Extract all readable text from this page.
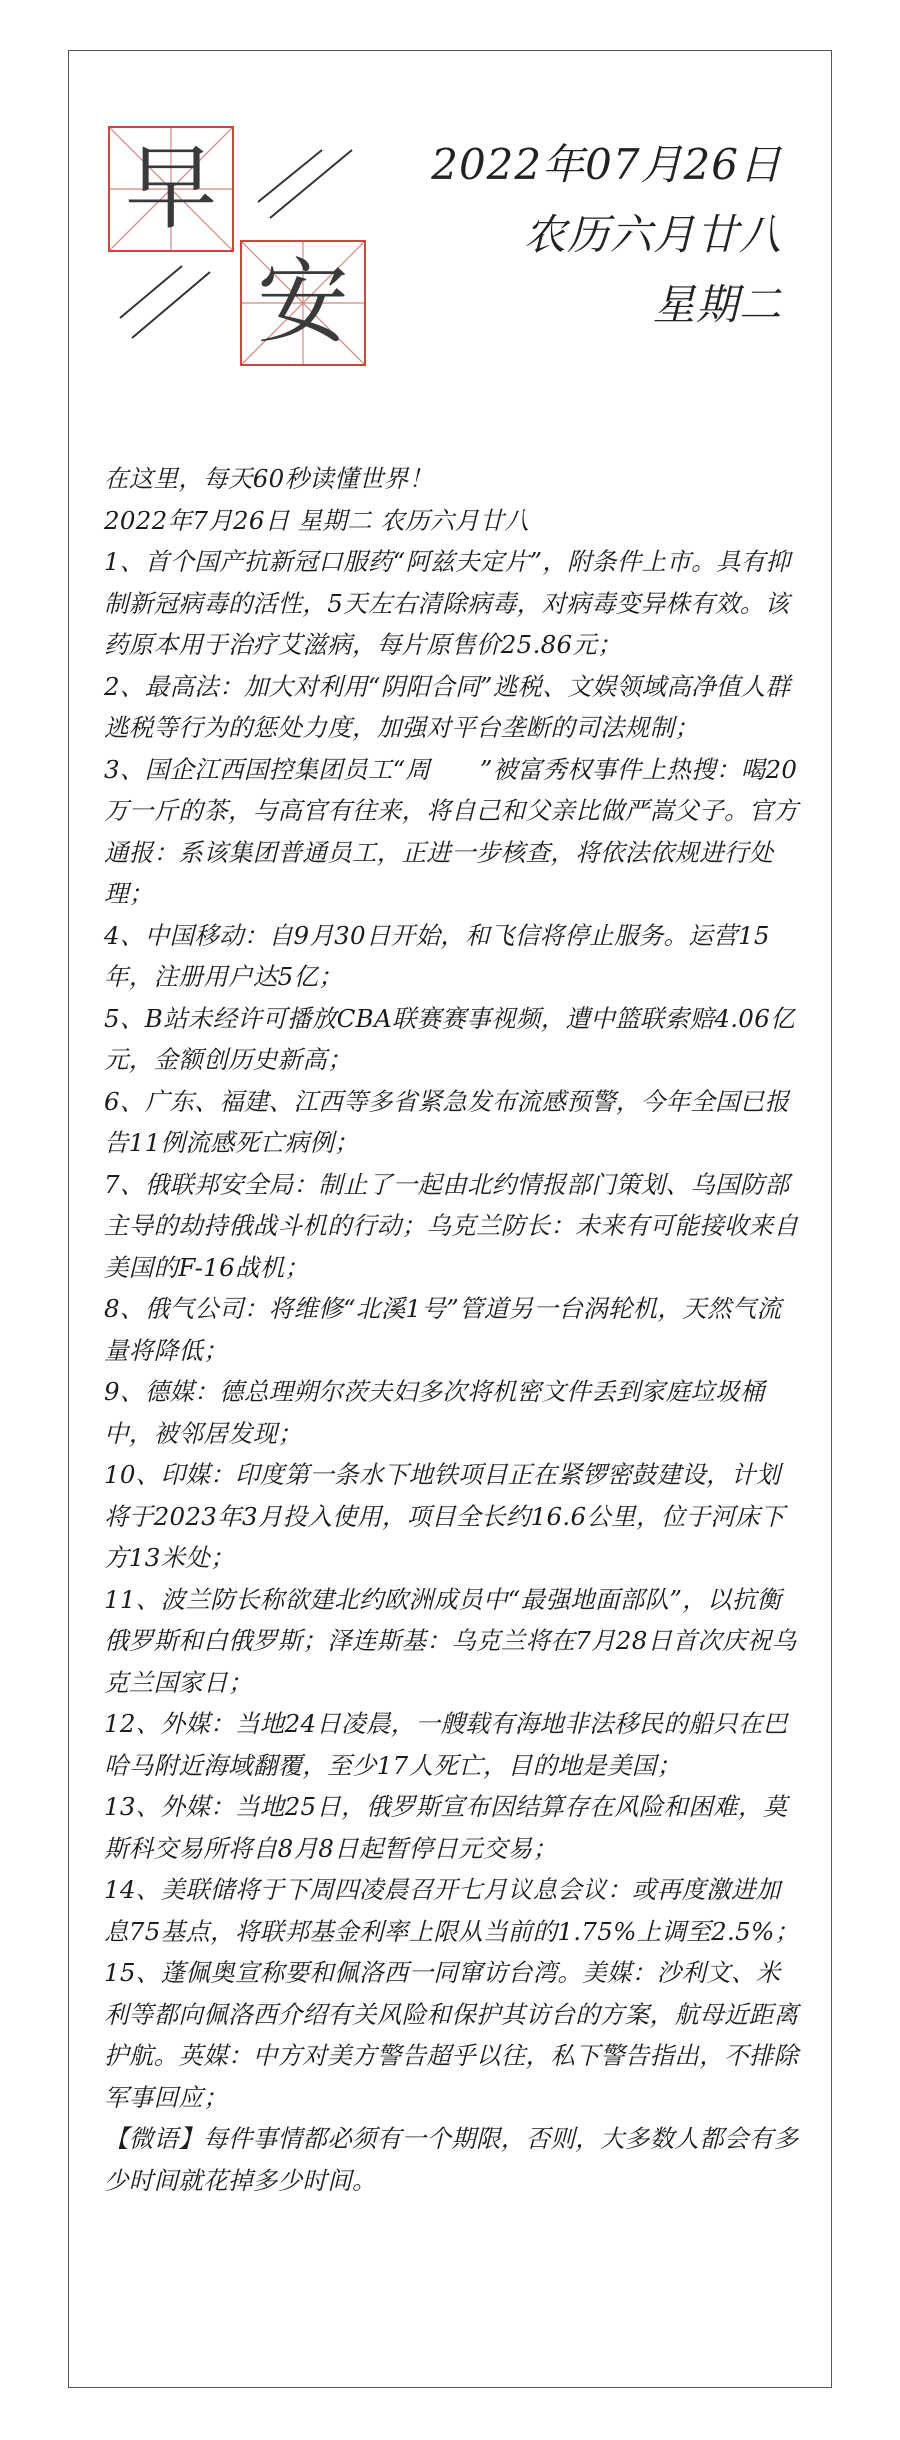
早
安
2022年07月26日
农历六月廿八
星期二

在这里，每天60秒读懂世界！

2022年7月26日 星期二 农历六月廿八

1、首个国产抗新冠口服药“阿兹夫定片”，附条件上市。具有抑制新冠病毒的活性，5天左右清除病毒，对病毒变异株有效。该药原本用于治疗艾滋病，每片原售价25.86元；

2、最高法：加大对利用“阴阳合同”逃税、文娱领域高净值人群逃税等行为的惩处力度，加强对平台垄断的司法规制；

3、国企江西国控集团员工“周　　”被富秀权事件上热搜：喝20万一斤的茶，与高官有往来，将自己和父亲比做严嵩父子。官方通报：系该集团普通员工，正进一步核查，将依法依规进行处理；

4、中国移动：自9月30日开始，和飞信将停止服务。运营15年，注册用户达5亿；

5、B站未经许可播放CBA联赛赛事视频，遭中篮联索赔4.06亿元，金额创历史新高；

6、广东、福建、江西等多省紧急发布流感预警，今年全国已报告11例流感死亡病例；

7、俄联邦安全局：制止了一起由北约情报部门策划、乌国防部主导的劫持俄战斗机的行动；乌克兰防长：未来有可能接收来自美国的F-16战机；

8、俄气公司：将维修“北溪1号”管道另一台涡轮机，天然气流量将降低；

9、德媒：德总理朔尔茨夫妇多次将机密文件丢到家庭垃圾桶中，被邻居发现；

10、印媒：印度第一条水下地铁项目正在紧锣密鼓建设，计划将于2023年3月投入使用，项目全长约16.6公里，位于河床下方13米处；

11、波兰防长称欲建北约欧洲成员中“最强地面部队”，以抗衡俄罗斯和白俄罗斯；泽连斯基：乌克兰将在7月28日首次庆祝乌克兰国家日；

12、外媒：当地24日凌晨，一艘载有海地非法移民的船只在巴哈马附近海域翻覆，至少17人死亡，目的地是美国；

13、外媒：当地25日，俄罗斯宣布因结算存在风险和困难，莫斯科交易所将自8月8日起暂停日元交易；

14、美联储将于下周四凌晨召开七月议息会议：或再度激进加息75基点，将联邦基金利率上限从当前的1.75%上调至2.5%；

15、蓬佩奥宣称要和佩洛西一同窜访台湾。美媒：沙利文、米利等都向佩洛西介绍有关风险和保护其访台的方案，航母近距离护航。英媒：中方对美方警告超乎以往，私下警告指出，不排除军事回应；

【微语】每件事情都必须有一个期限，否则，大多数人都会有多少时间就花掉多少时间。
